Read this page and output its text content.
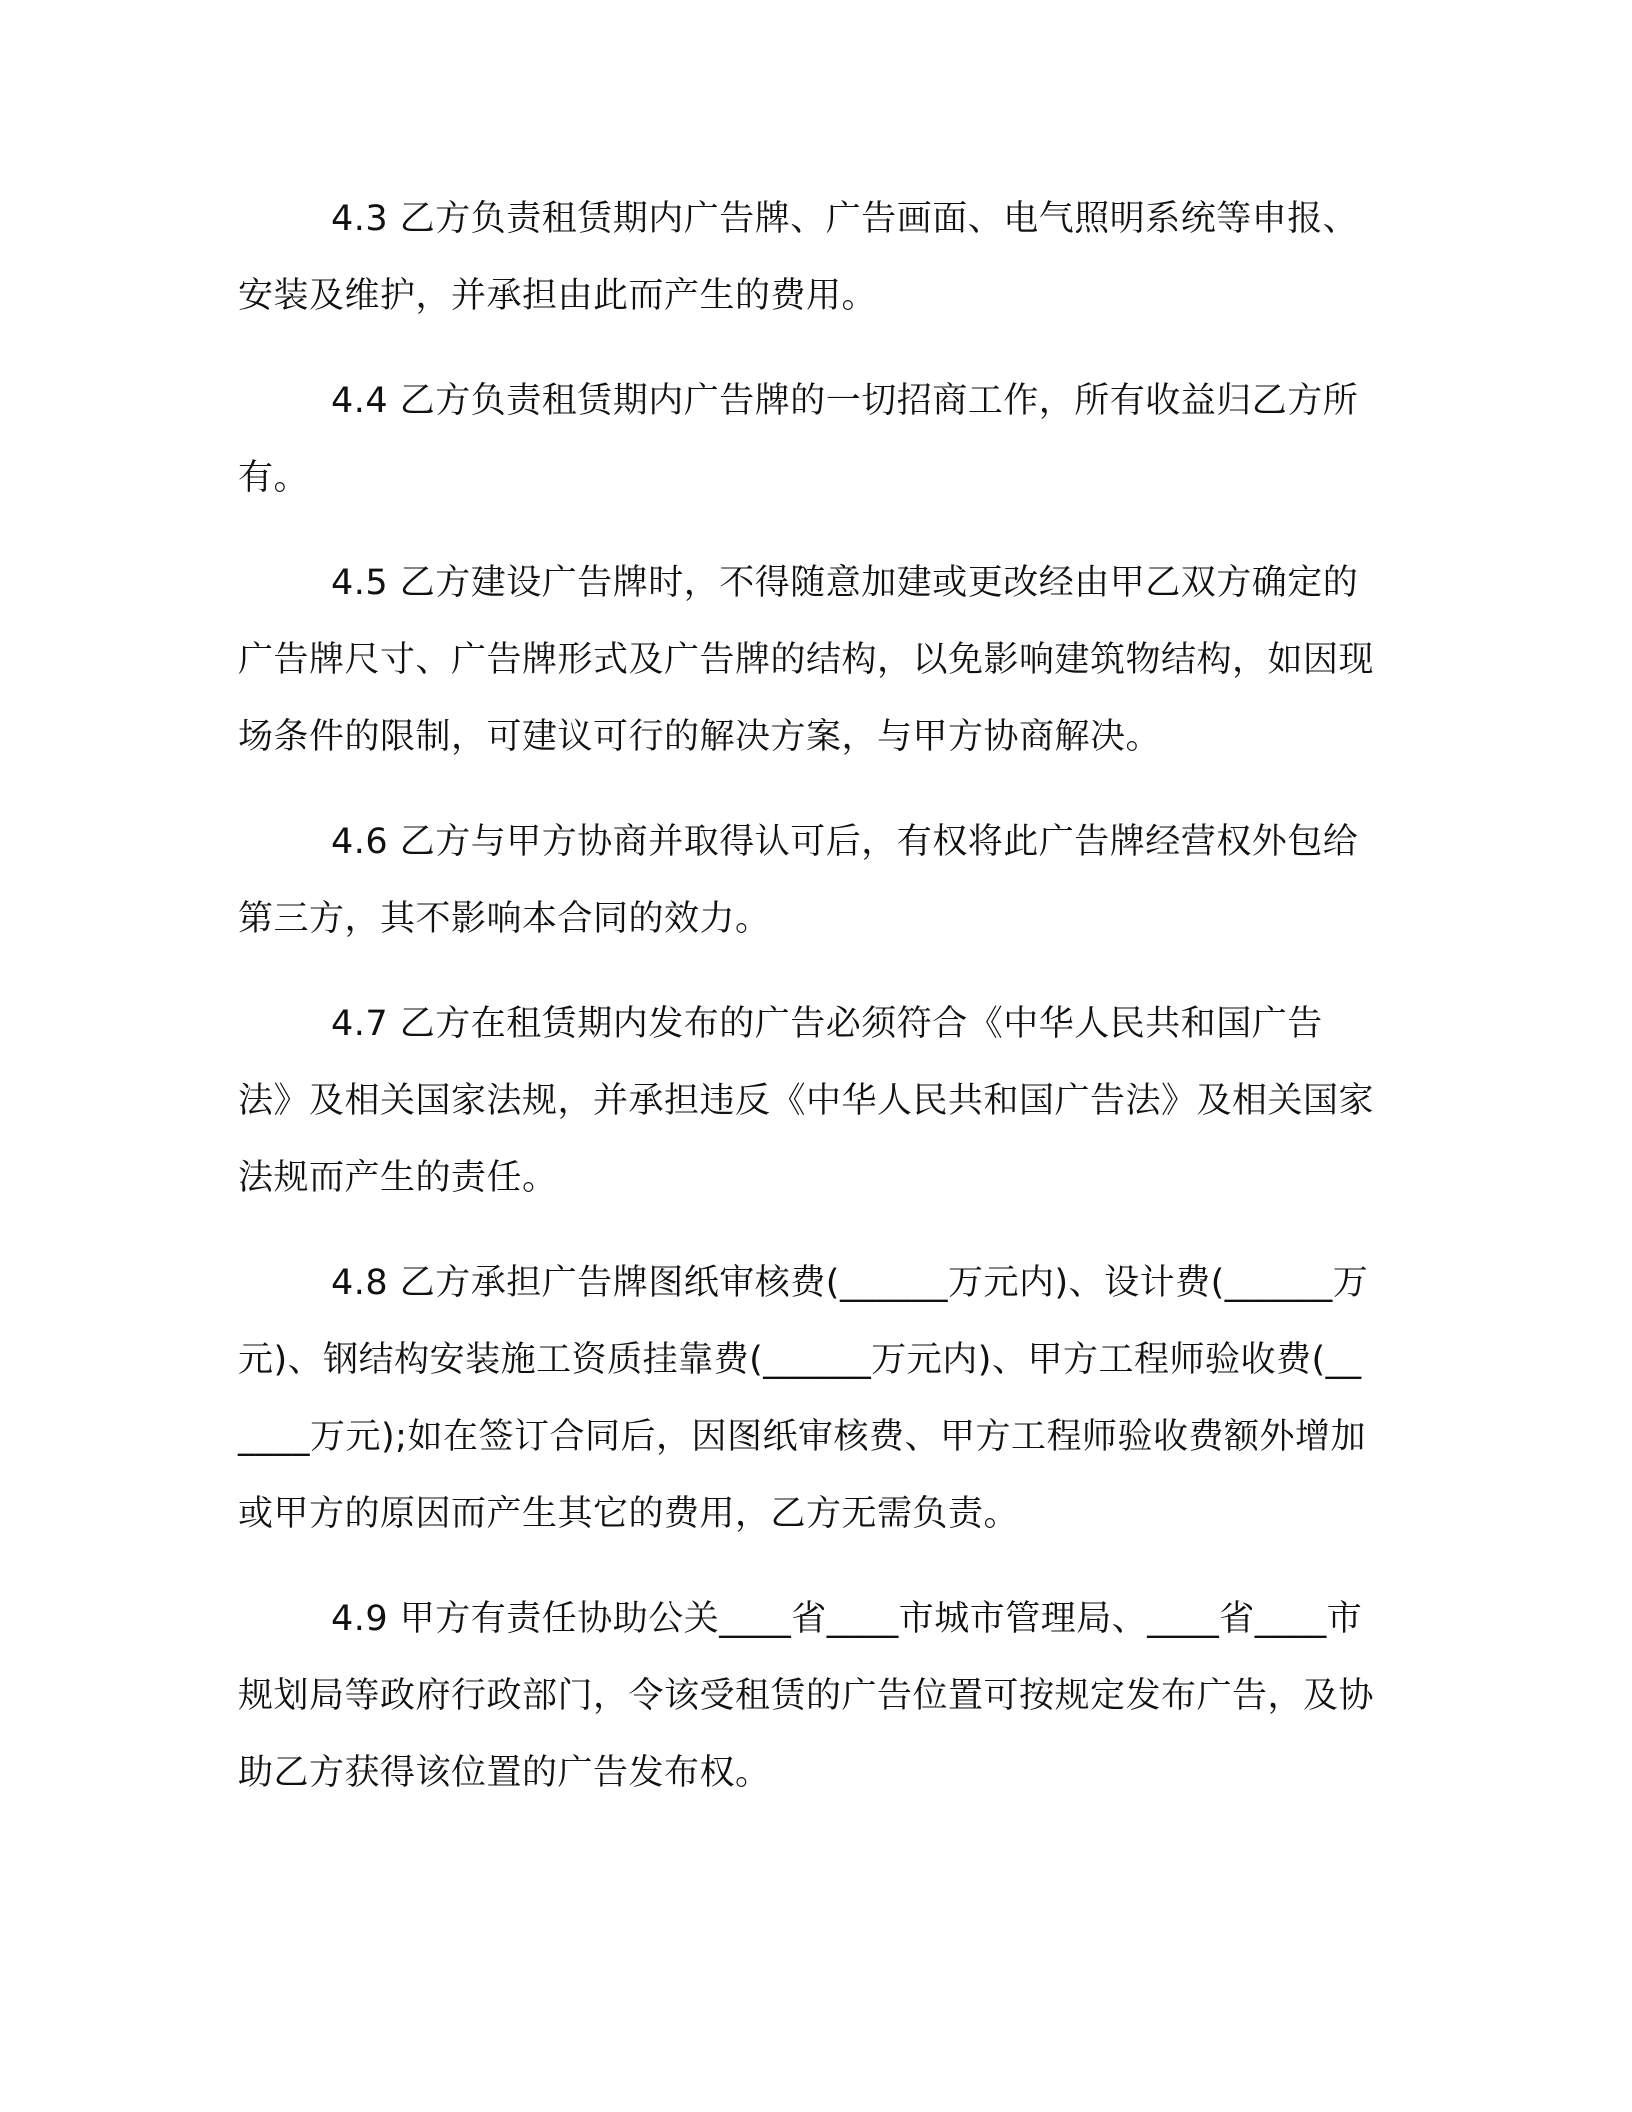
4.3 乙方负责租赁期内广告牌、广告画面、电气照明系统等申报、安装及维护，并承担由此而产生的费用。

4.4 乙方负责租赁期内广告牌的一切招商工作，所有收益归乙方所有。

4.5 乙方建设广告牌时，不得随意加建或更改经由甲乙双方确定的广告牌尺寸、广告牌形式及广告牌的结构，以免影响建筑物结构，如因现场条件的限制，可建议可行的解决方案，与甲方协商解决。

4.6 乙方与甲方协商并取得认可后，有权将此广告牌经营权外包给第三方，其不影响本合同的效力。

4.7 乙方在租赁期内发布的广告必须符合《中华人民共和国广告法》及相关国家法规，并承担违反《中华人民共和国广告法》及相关国家法规而产生的责任。

4.8 乙方承担广告牌图纸审核费(______万元内)、设计费(______万元)、钢结构安装施工资质挂靠费(______万元内)、甲方工程师验收费(______万元);如在签订合同后，因图纸审核费、甲方工程师验收费额外增加或甲方的原因而产生其它的费用，乙方无需负责。

4.9 甲方有责任协助公关____省____市城市管理局、____省____市规划局等政府行政部门，令该受租赁的广告位置可按规定发布广告，及协助乙方获得该位置的广告发布权。
